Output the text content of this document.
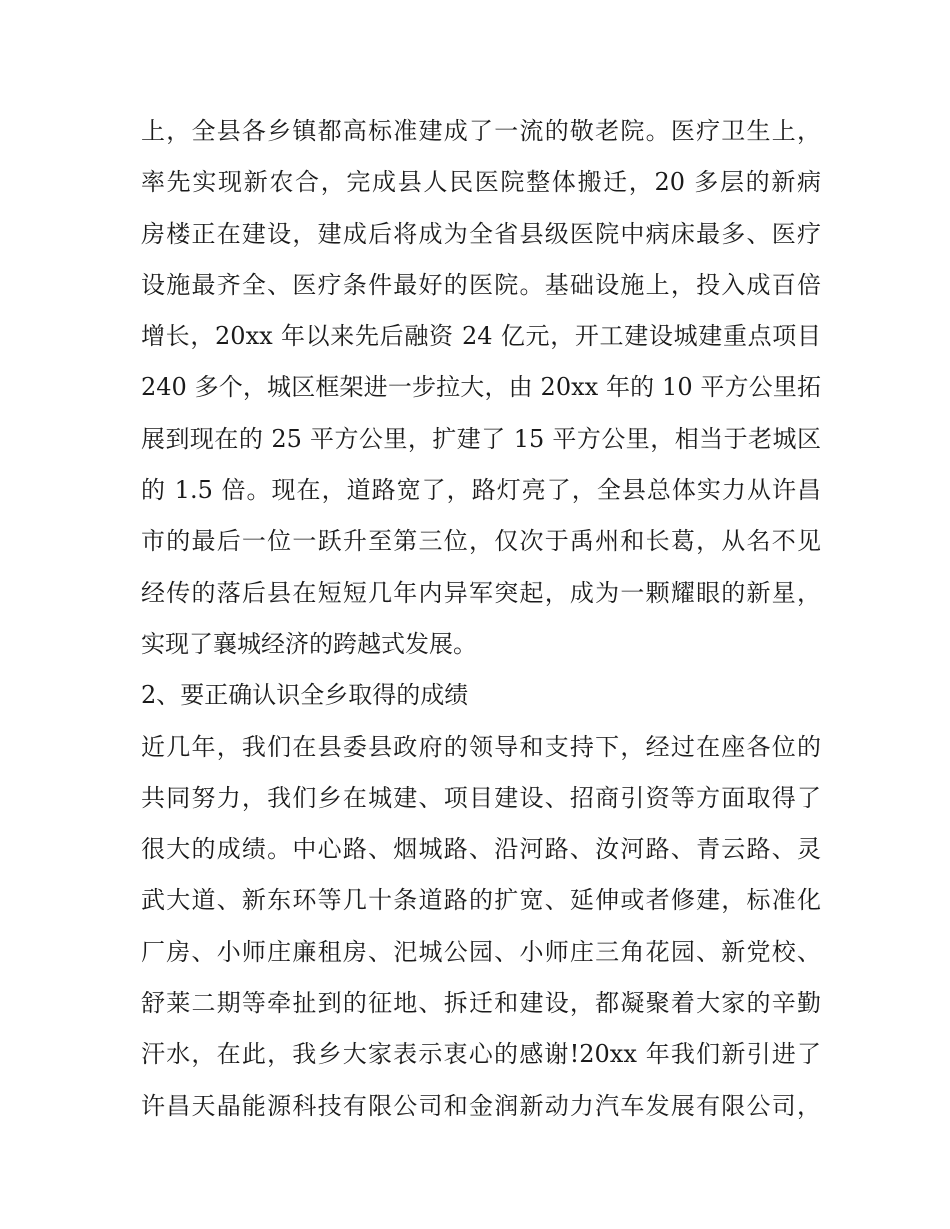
上，全县各乡镇都高标准建成了一流的敬老院。医疗卫生上，
率先实现新农合，完成县人民医院整体搬迁，20 多层的新病
房楼正在建设，建成后将成为全省县级医院中病床最多、医疗
设施最齐全、医疗条件最好的医院。基础设施上，投入成百倍
增长，20xx 年以来先后融资 24 亿元，开工建设城建重点项目
240 多个，城区框架进一步拉大，由 20xx 年的 10 平方公里拓
展到现在的 25 平方公里，扩建了 15 平方公里，相当于老城区
的 1.5 倍。现在，道路宽了，路灯亮了，全县总体实力从许昌
市的最后一位一跃升至第三位，仅次于禹州和长葛，从名不见
经传的落后县在短短几年内异军突起，成为一颗耀眼的新星，
实现了襄城经济的跨越式发展。
2、要正确认识全乡取得的成绩
近几年，我们在县委县政府的领导和支持下，经过在座各位的
共同努力，我们乡在城建、项目建设、招商引资等方面取得了
很大的成绩。中心路、烟城路、沿河路、汝河路、青云路、灵
武大道、新东环等几十条道路的扩宽、延伸或者修建，标准化
厂房、小师庄廉租房、汜城公园、小师庄三角花园、新党校、
舒莱二期等牵扯到的征地、拆迁和建设，都凝聚着大家的辛勤
汗水，在此，我乡大家表示衷心的感谢!20xx 年我们新引进了
许昌天晶能源科技有限公司和金润新动力汽车发展有限公司，
